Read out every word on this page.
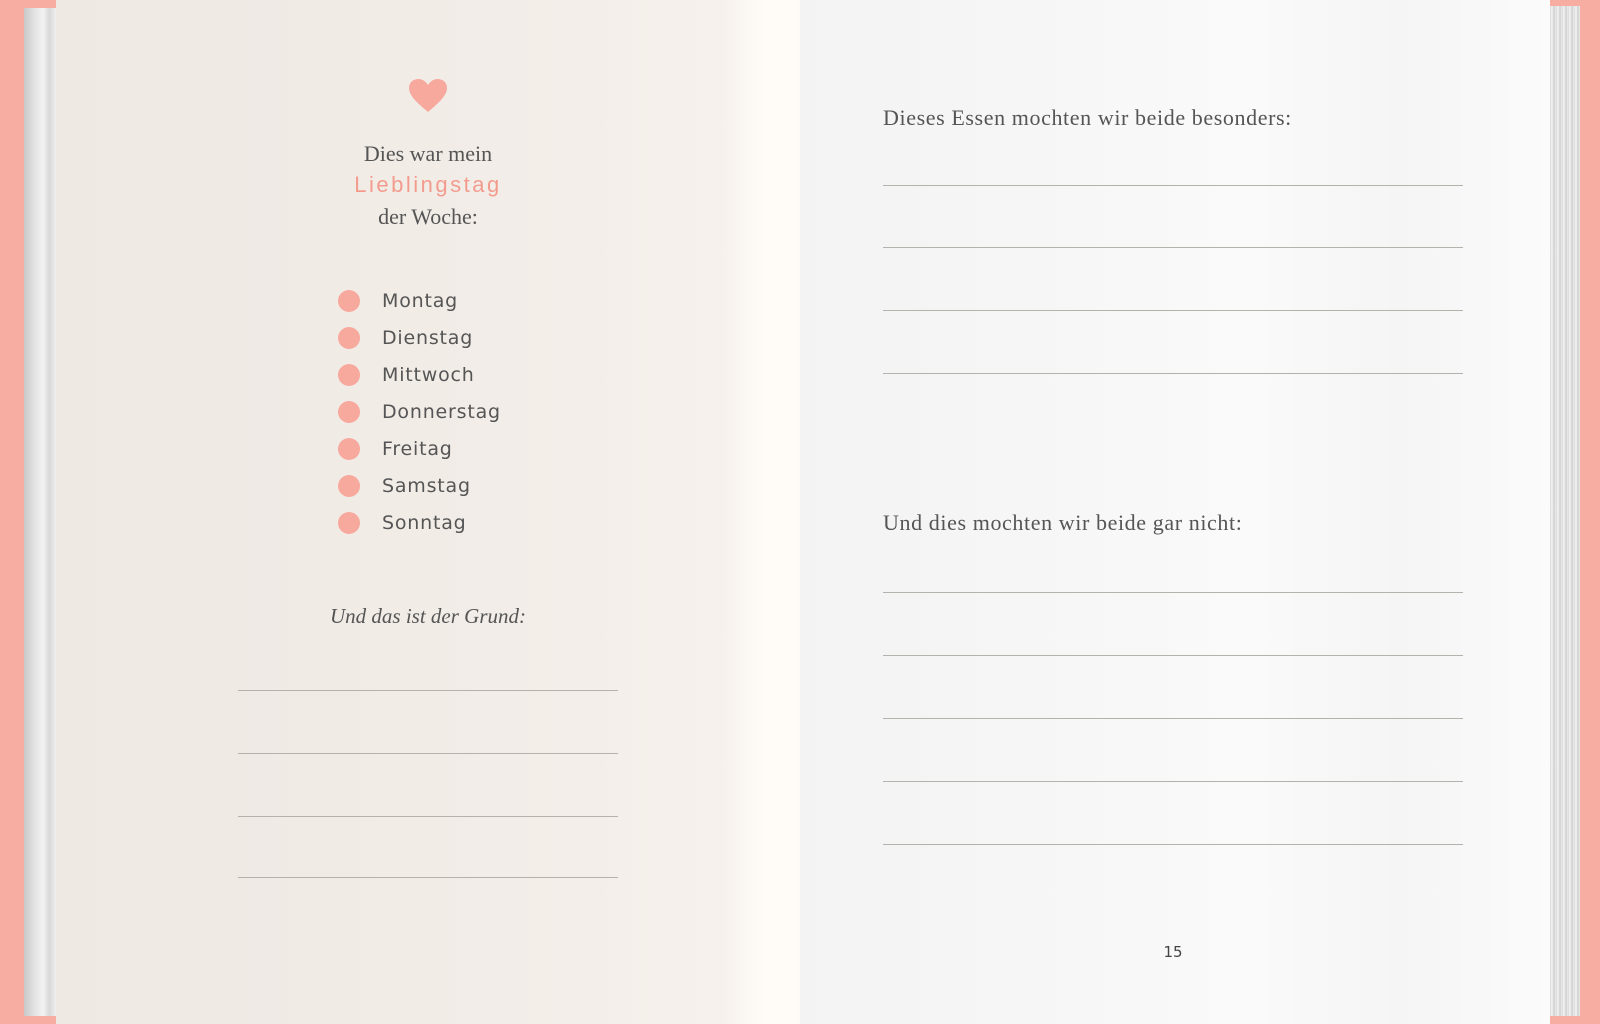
Dies war mein
Lieblingstag
der Woche:
Montag
Dienstag
Mittwoch
Donnerstag
Freitag
Samstag
Sonntag
Und das ist der Grund:
Dieses Essen mochten wir beide besonders:
Und dies mochten wir beide gar nicht:
15
